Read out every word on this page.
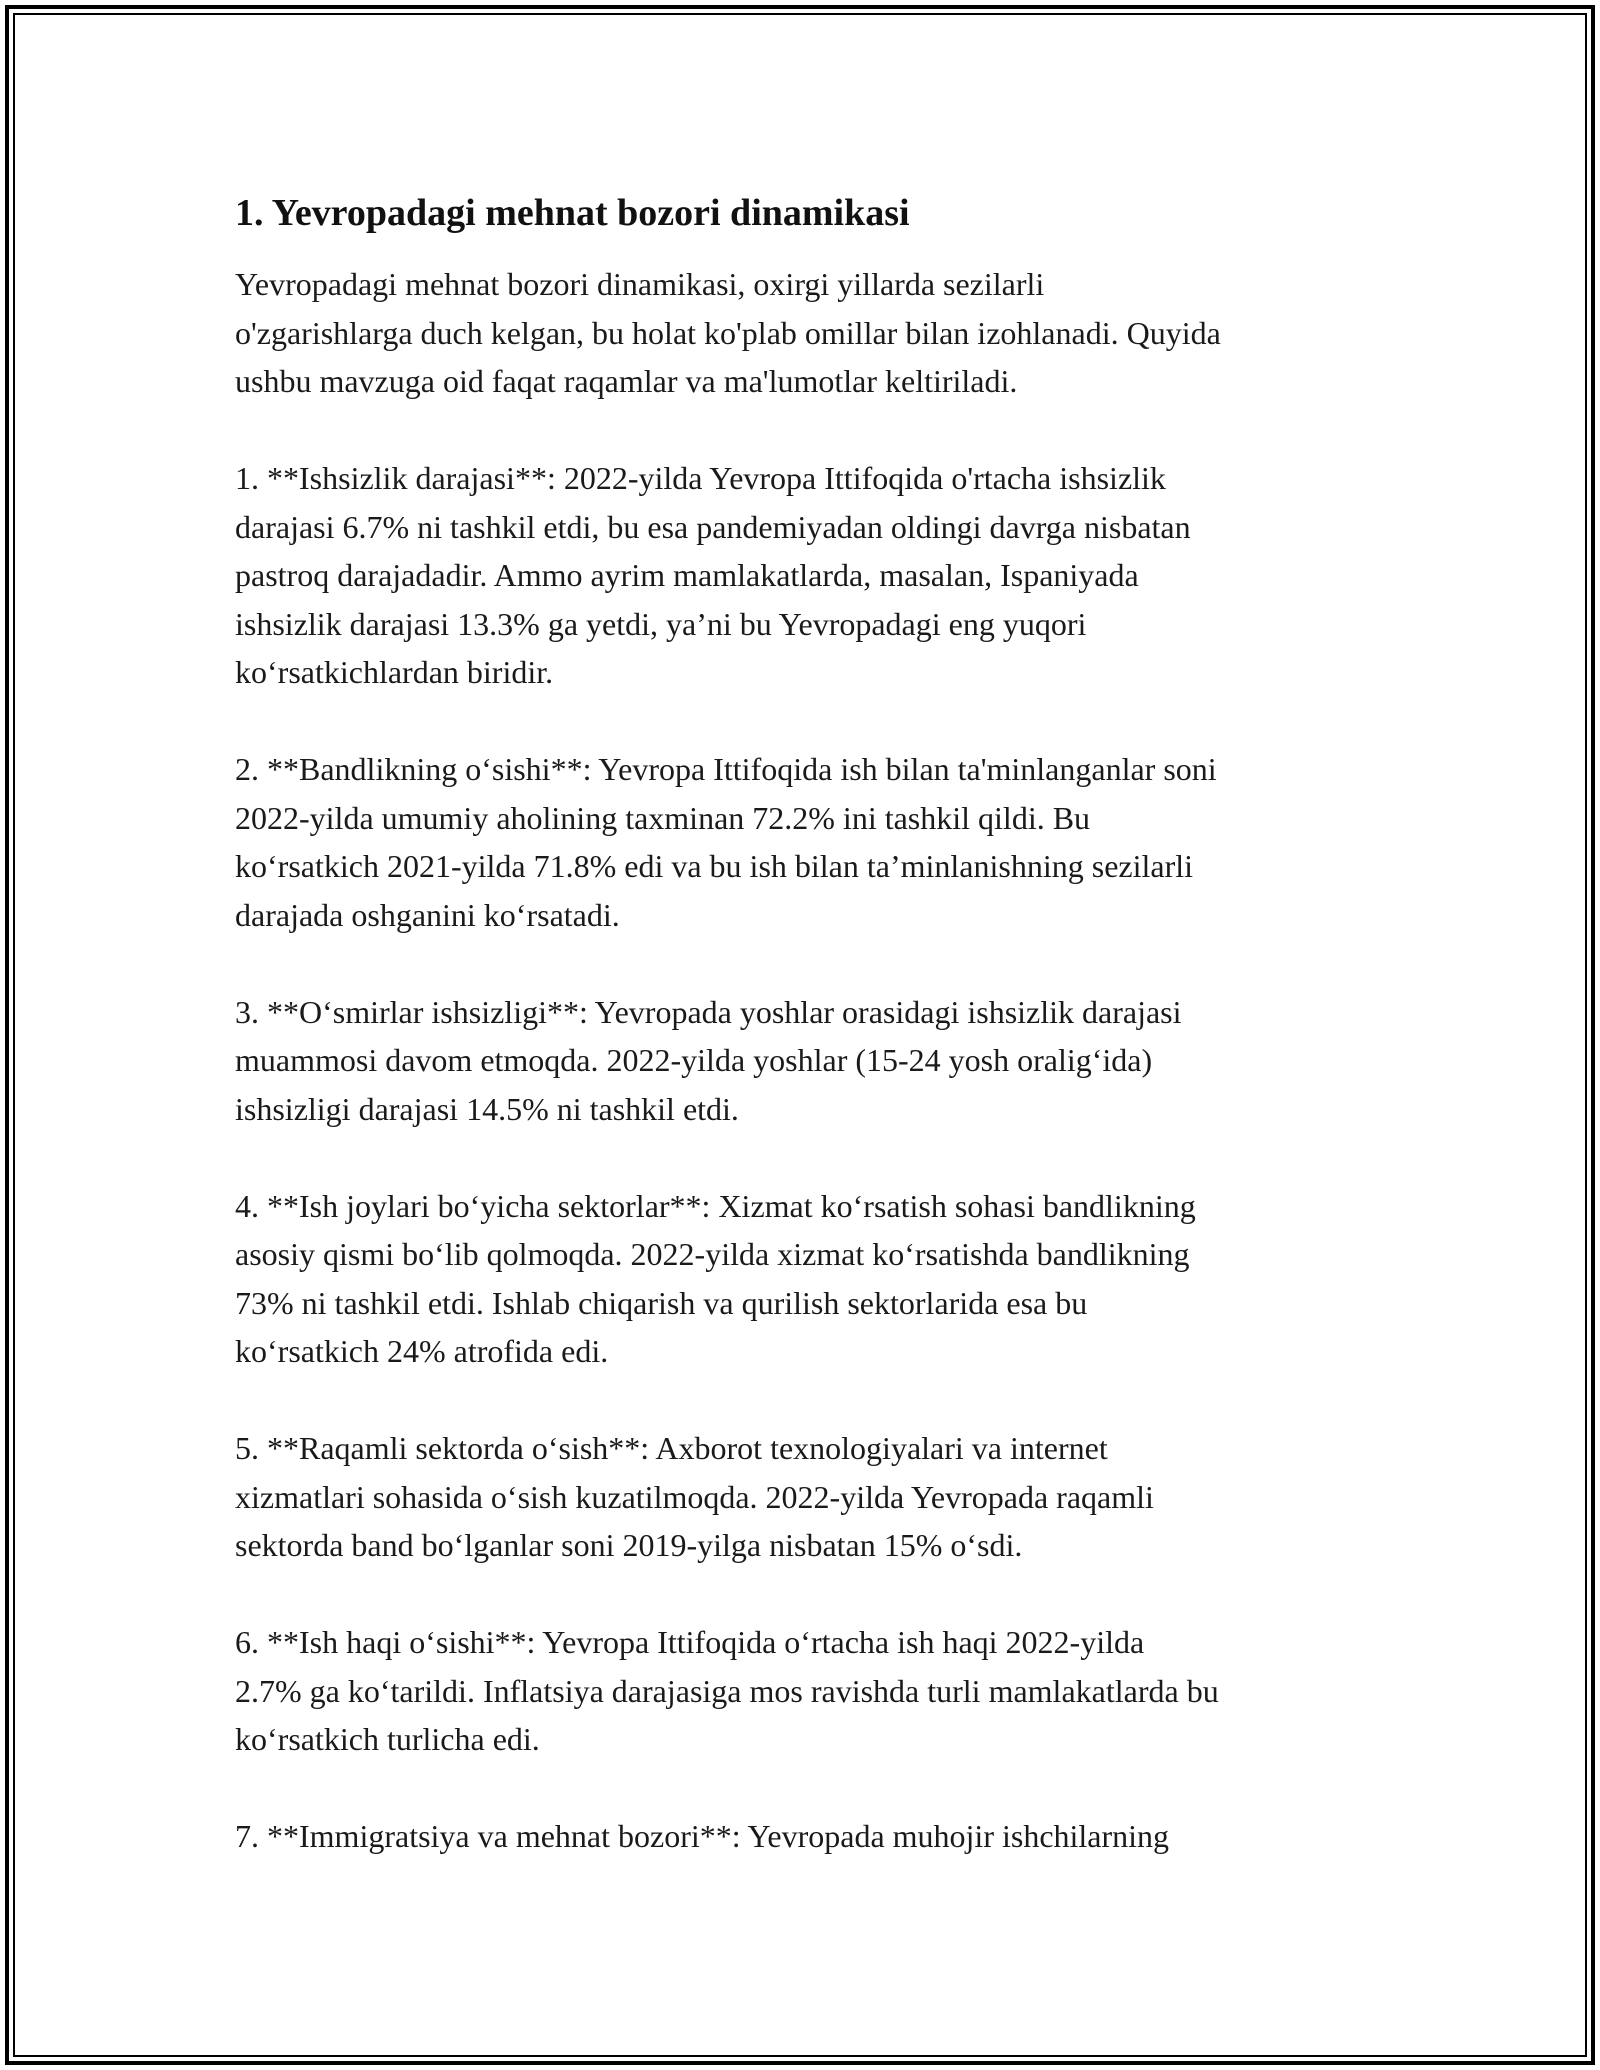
1. Yevropadagi mehnat bozori dinamikasi

Yevropadagi mehnat bozori dinamikasi, oxirgi yillarda sezilarli
o'zgarishlarga duch kelgan, bu holat ko'plab omillar bilan izohlanadi. Quyida
ushbu mavzuga oid faqat raqamlar va ma'lumotlar keltiriladi.

1. **Ishsizlik darajasi**: 2022-yilda Yevropa Ittifoqida o'rtacha ishsizlik
darajasi 6.7% ni tashkil etdi, bu esa pandemiyadan oldingi davrga nisbatan
pastroq darajadadir. Ammo ayrim mamlakatlarda, masalan, Ispaniyada
ishsizlik darajasi 13.3% ga yetdi, ya’ni bu Yevropadagi eng yuqori
ko‘rsatkichlardan biridir.

2. **Bandlikning o‘sishi**: Yevropa Ittifoqida ish bilan ta'minlanganlar soni
2022-yilda umumiy aholining taxminan 72.2% ini tashkil qildi. Bu
ko‘rsatkich 2021-yilda 71.8% edi va bu ish bilan ta’minlanishning sezilarli
darajada oshganini ko‘rsatadi.

3. **O‘smirlar ishsizligi**: Yevropada yoshlar orasidagi ishsizlik darajasi
muammosi davom etmoqda. 2022-yilda yoshlar (15-24 yosh oralig‘ida)
ishsizligi darajasi 14.5% ni tashkil etdi.

4. **Ish joylari bo‘yicha sektorlar**: Xizmat ko‘rsatish sohasi bandlikning
asosiy qismi bo‘lib qolmoqda. 2022-yilda xizmat ko‘rsatishda bandlikning
73% ni tashkil etdi. Ishlab chiqarish va qurilish sektorlarida esa bu
ko‘rsatkich 24% atrofida edi.

5. **Raqamli sektorda o‘sish**: Axborot texnologiyalari va internet
xizmatlari sohasida o‘sish kuzatilmoqda. 2022-yilda Yevropada raqamli
sektorda band bo‘lganlar soni 2019-yilga nisbatan 15% o‘sdi.

6. **Ish haqi o‘sishi**: Yevropa Ittifoqida o‘rtacha ish haqi 2022-yilda
2.7% ga ko‘tarildi. Inflatsiya darajasiga mos ravishda turli mamlakatlarda bu
ko‘rsatkich turlicha edi.

7. **Immigratsiya va mehnat bozori**: Yevropada muhojir ishchilarning
